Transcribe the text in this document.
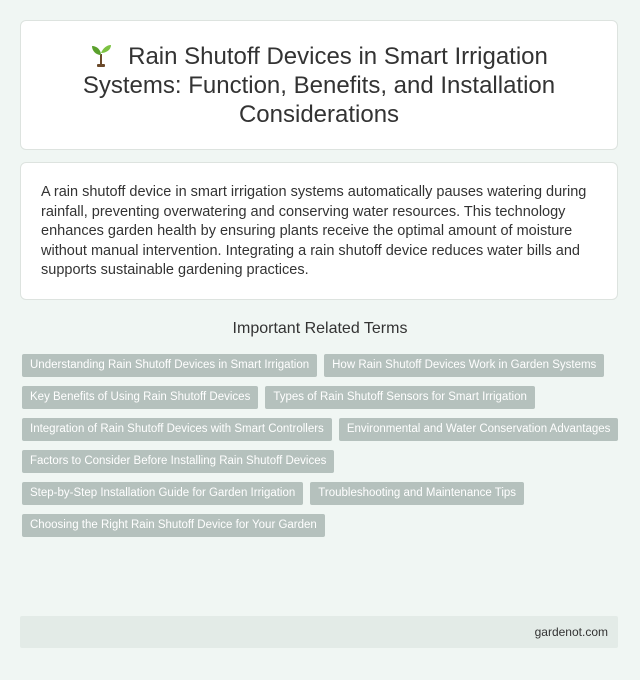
Rain Shutoff Devices in Smart Irrigation Systems: Function, Benefits, and Installation Considerations

A rain shutoff device in smart irrigation systems automatically pauses watering during rainfall, preventing overwatering and conserving water resources. This technology enhances garden health by ensuring plants receive the optimal amount of moisture without manual intervention. Integrating a rain shutoff device reduces water bills and supports sustainable gardening practices.

Important Related Terms
Understanding Rain Shutoff Devices in Smart Irrigation	How Rain Shutoff Devices Work in Garden Systems
Key Benefits of Using Rain Shutoff Devices	Types of Rain Shutoff Sensors for Smart Irrigation
Integration of Rain Shutoff Devices with Smart Controllers	Environmental and Water Conservation Advantages
Factors to Consider Before Installing Rain Shutoff Devices
Step-by-Step Installation Guide for Garden Irrigation	Troubleshooting and Maintenance Tips
Choosing the Right Rain Shutoff Device for Your Garden
gardenot.com
